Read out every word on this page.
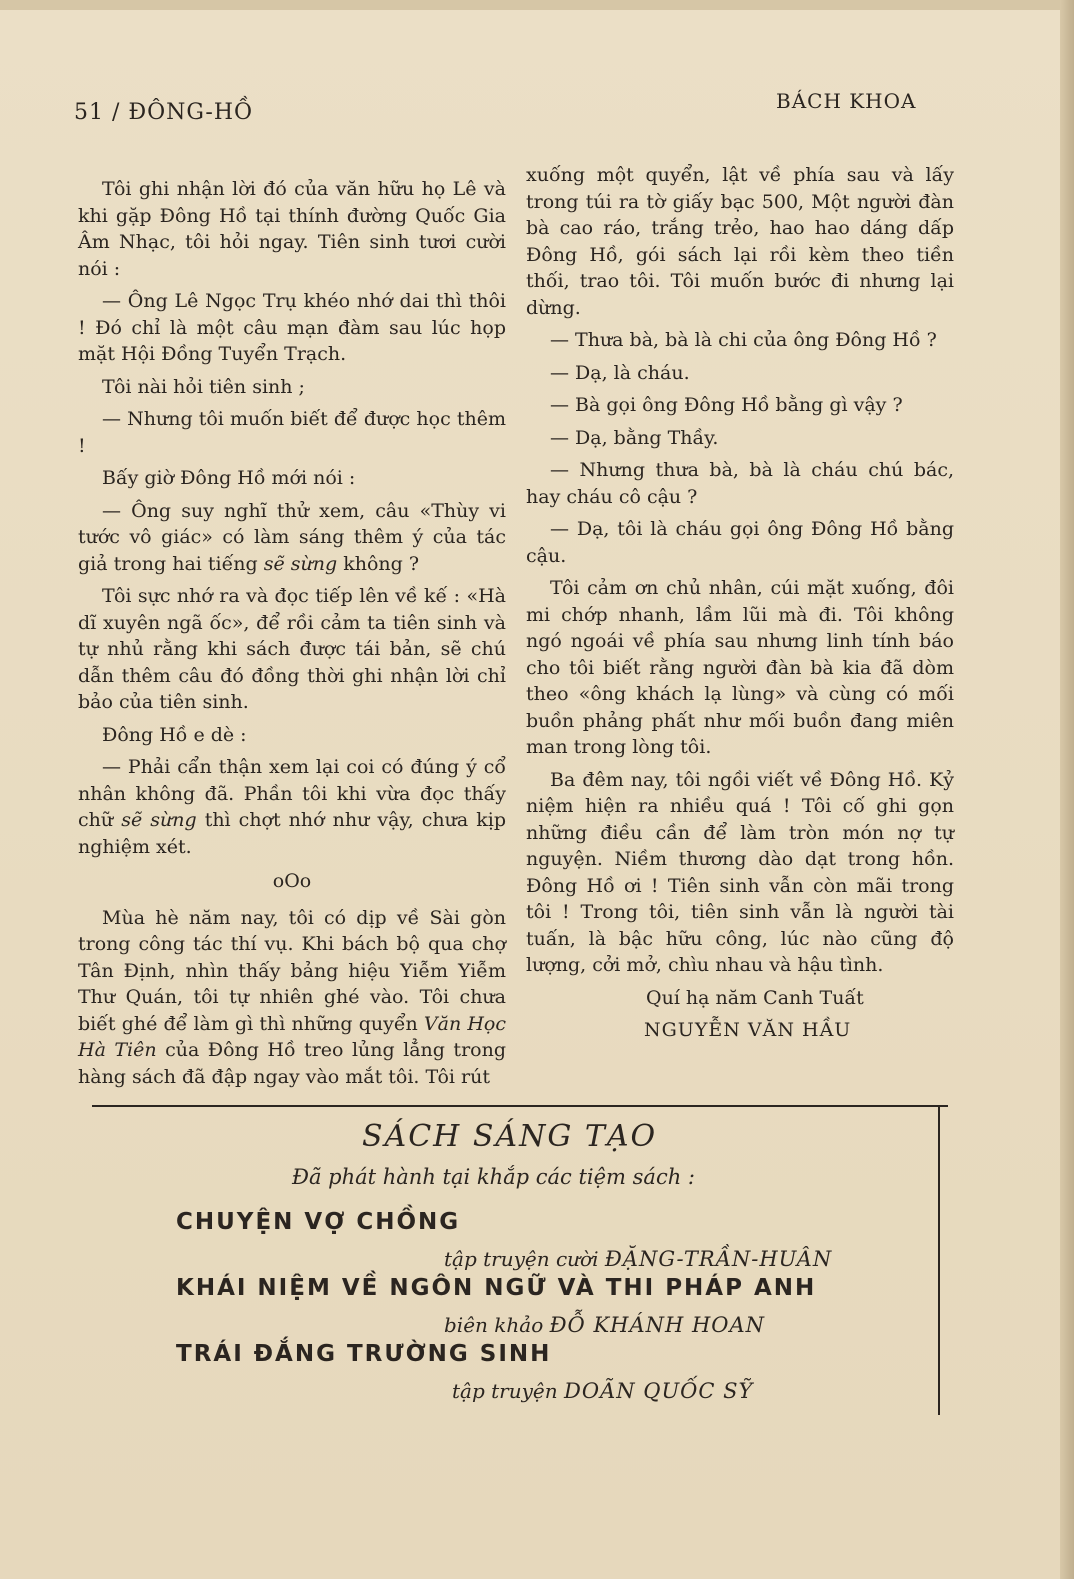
51 / ĐÔNG-HỒ	BÁCH KHOA

Tôi ghi nhận lời đó của văn hữu họ Lê và khi gặp Đông Hồ tại thính đường Quốc Gia Âm Nhạc, tôi hỏi ngay. Tiên sinh tươi cười nói :

— Ông Lê Ngọc Trụ khéo nhớ dai thì thôi ! Đó chỉ là một câu mạn đàm sau lúc họp mặt Hội Đồng Tuyển Trạch.

Tôi nài hỏi tiên sinh ;

— Nhưng tôi muốn biết để được học thêm !

Bấy giờ Đông Hồ mới nói :

— Ông suy nghĩ thử xem, câu «Thùy vi tước vô giác» có làm sáng thêm ý của tác giả trong hai tiếng sẽ sừng không ?

Tôi sực nhớ ra và đọc tiếp lên về kế : «Hà dĩ xuyên ngã ốc», để rồi cảm ta tiên sinh và tự nhủ rằng khi sách được tái bản, sẽ chú dẫn thêm câu đó đồng thời ghi nhận lời chỉ bảo của tiên sinh.

Đông Hồ e dè :

— Phải cẩn thận xem lại coi có đúng ý cổ nhân không đã. Phần tôi khi vừa đọc thấy chữ sẽ sừng thì chợt nhớ như vậy, chưa kịp nghiệm xét.

oOo

Mùa hè năm nay, tôi có dịp về Sài gòn trong công tác thí vụ. Khi bách bộ qua chợ Tân Định, nhìn thấy bảng hiệu Yiễm Yiễm Thư Quán, tôi tự nhiên ghé vào. Tôi chưa biết ghé để làm gì thì những quyển Văn Học Hà Tiên của Đông Hồ treo lủng lẳng trong hàng sách đã đập ngay vào mắt tôi. Tôi rút

xuống một quyển, lật về phía sau và lấy trong túi ra tờ giấy bạc 500, Một người đàn bà cao ráo, trắng trẻo, hao hao dáng dấp Đông Hồ, gói sách lại rồi kèm theo tiền thối, trao tôi. Tôi muốn bước đi nhưng lại dừng.

— Thưa bà, bà là chi của ông Đông Hồ ?

— Dạ, là cháu.

— Bà gọi ông Đông Hồ bằng gì vậy ?

— Dạ, bằng Thầy.

— Nhưng thưa bà, bà là cháu chú bác, hay cháu cô cậu ?

— Dạ, tôi là cháu gọi ông Đông Hồ bằng cậu.

Tôi cảm ơn chủ nhân, cúi mặt xuống, đôi mi chớp nhanh, lầm lũi mà đi. Tôi không ngó ngoái về phía sau nhưng linh tính báo cho tôi biết rằng người đàn bà kia đã dòm theo «ông khách lạ lùng» và cùng có mối buồn phảng phất như mối buồn đang miên man trong lòng tôi.

Ba đêm nay, tôi ngồi viết về Đông Hồ. Kỷ niệm hiện ra nhiều quá ! Tôi cố ghi gọn những điều cần để làm tròn món nợ tự nguyện. Niềm thương dào dạt trong hồn. Đông Hồ ơi ! Tiên sinh vẫn còn mãi trong tôi ! Trong tôi, tiên sinh vẫn là người tài tuấn, là bậc hữu công, lúc nào cũng độ lượng, cởi mở, chìu nhau và hậu tình.

Quí hạ năm Canh Tuất

NGUYỄN VĂN HẦU

SÁCH SÁNG TẠO
Đã phát hành tại khắp các tiệm sách :
CHUYỆN VỢ CHỒNG
tập truyện cười ĐẶNG-TRẦN-HUÂN
KHÁI NIỆM VỀ NGÔN NGỮ VÀ THI PHÁP ANH
biên khảo ĐỖ KHÁNH HOAN
TRÁI ĐẮNG TRƯỜNG SINH
tập truyện DOÃN QUỐC SỸ
